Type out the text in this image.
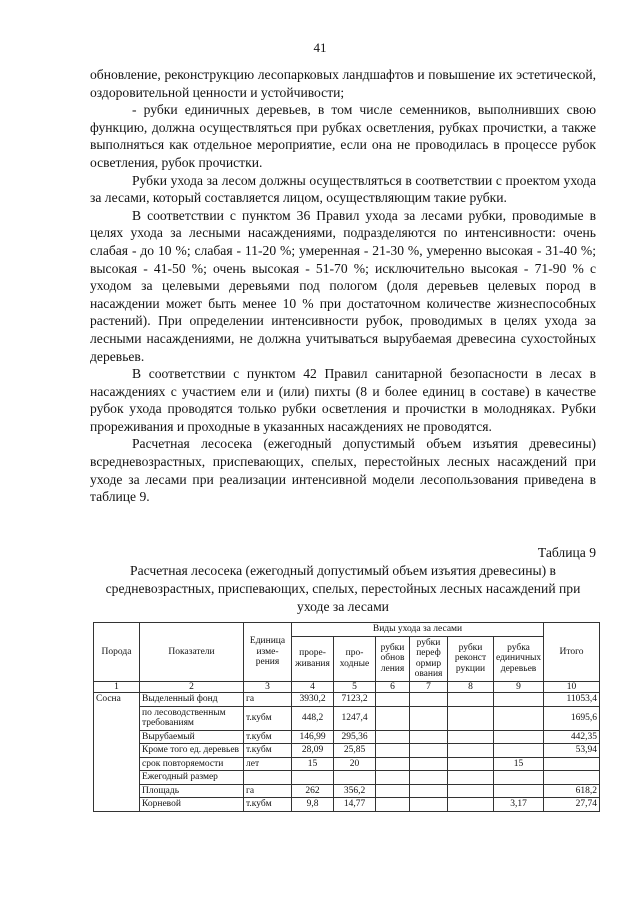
41

обновление, реконструкцию лесопарковых ландшафтов и повышение их эстетической, оздоровительной ценности и устойчивости;

- рубки единичных деревьев, в том числе семенников, выполнивших свою функцию, должна осуществляться при рубках осветления, рубках прочистки, а также выполняться как отдельное мероприятие, если она не проводилась в процессе рубок осветления, рубок прочистки.

Рубки ухода за лесом должны осуществляться в соответствии с проектом ухода за лесами, который составляется лицом, осуществляющим такие рубки.

В соответствии с пунктом 36 Правил ухода за лесами рубки, проводимые в целях ухода за лесными насаждениями, подразделяются по интенсивности: очень слабая - до 10 %; слабая - 11-20 %; умеренная - 21-30 %, умеренно высокая - 31-40 %; высокая - 41-50 %; очень высокая - 51-70 %; исключительно высокая - 71-90 % с уходом за целевыми деревьями под пологом (доля деревьев целевых пород в насаждении может быть менее 10 % при достаточном количестве жизнеспособных растений). При определении интенсивности рубок, проводимых в целях ухода за лесными насаждениями, не должна учитываться вырубаемая древесина сухостойных деревьев.

В соответствии с пунктом 42 Правил санитарной безопасности в лесах в насаждениях с участием ели и (или) пихты (8 и более единиц в составе) в качестве рубок ухода проводятся только рубки осветления и прочистки в молодняках. Рубки прореживания и проходные в указанных насаждениях не проводятся.

Расчетная лесосека (ежегодный допустимый объем изъятия древесины) всредневозрастных, приспевающих, спелых, перестойных лесных насаждений при уходе за лесами при реализации интенсивной модели лесопользования приведена в таблице 9.

Таблица 9
Расчетная лесосека (ежегодный допустимый объем изъятия древесины) в средневозрастных, приспевающих, спелых, перестойных лесных насаждений при уходе за лесами
Порода	Показатели	Единица изме- рения	Виды ухода за лесами						Итого
			проре- живания	про- ходные	рубки обнов ления	рубки переф ормир ования	рубки реконст рукции	рубка единичных деревьев	
1	2	3	4	5	6	7	8	9	10
Сосна	Выделенный фонд	га	3930,2	7123,2					11053,4
	по лесоводственным требованиям	т.кубм	448,2	1247,4					1695,6
	Вырубаемый	т.кубм	146,99	295,36					442,35
	Кроме того ед. деревьев	т.кубм	28,09	25,85					53,94
	срок повторяемости	лет	15	20				15	
	Ежегодный размер								
	Площадь	га	262	356,2					618,2
	Корневой	т.кубм	9,8	14,77				3,17	27,74
